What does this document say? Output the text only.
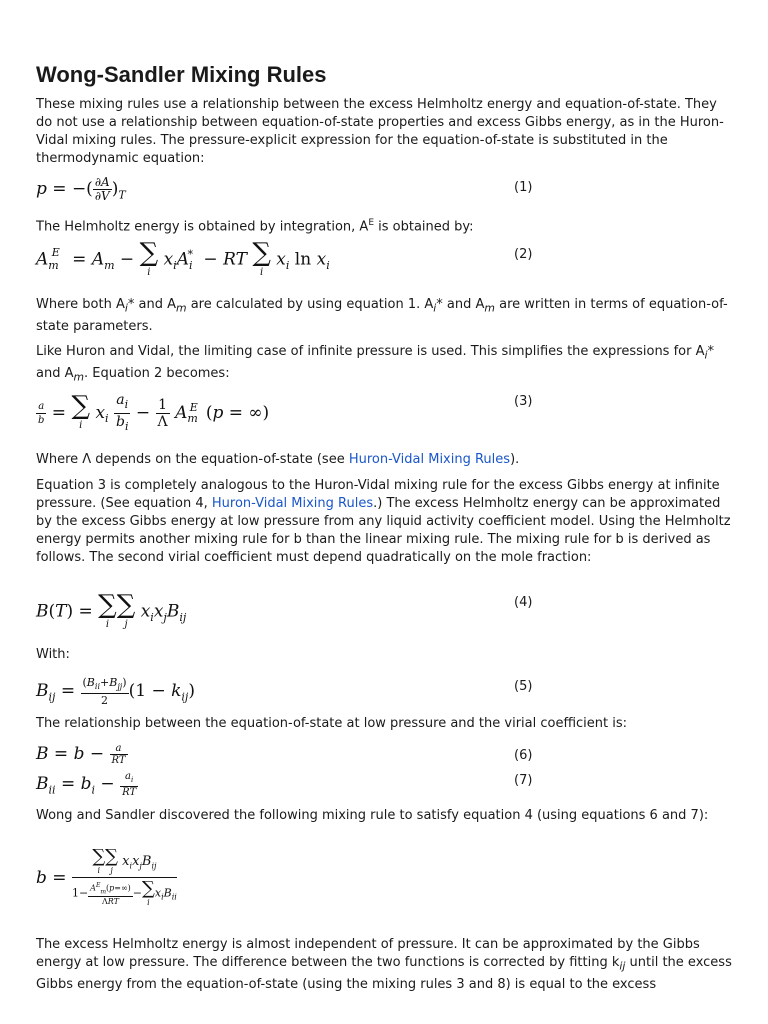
Wong-Sandler Mixing Rules

These mixing rules use a relationship between the excess Helmholtz energy and equation-of-state. They do not use a relationship between equation-of-state properties and excess Gibbs energy, as in the Huron-Vidal mixing rules. The pressure-explicit expression for the equation-of-state is substituted in the thermodynamic equation:

p = −( $\frac{\partial A}{\partial V} )_T$	(1)

The Helmholtz energy is obtained by integration, $A^E$ is obtained by:

$A_m^E = A_m$ − ∑
i
$x_iA_i^*$ − RT ∑
i
$x_i$ $\ln x_i$
(2)

Where both $A_i*$ and $A_m$ are calculated by using equation 1. $A_i*$ and $A_m$ are written in terms of equation-of-state parameters.

Like Huron and Vidal, the limiting case of infinite pressure is used. This simplifies the expressions for $A_i*$ and $A_m$. Equation 2 becomes:

$\frac{a}{b}$ = ∑
i
$x_i \frac{a_i}{b_i} - \frac{1}{\Lambda} A_m^E$ (p = ∞)
(3)

Where Λ depends on the equation-of-state (see Huron-Vidal Mixing Rules).

Equation 3 is completely analogous to the Huron-Vidal mixing rule for the excess Gibbs energy at infinite pressure. (See equation 4, Huron-Vidal Mixing Rules.) The excess Helmholtz energy can be approximated by the excess Gibbs energy at low pressure from any liquid activity coefficient model. Using the Helmholtz energy permits another mixing rule for b than the linear mixing rule. The mixing rule for b is derived as follows. The second virial coefficient must depend quadratically on the mole fraction:

B(T) = ∑
i
∑
j
$x_ix_jB_{ij}$
(4)

With:

$B_{ij} = \frac{(B_{ii}+B_{jj})}{2} (1 - k_{ij})$	(5)

The relationship between the equation-of-state at low pressure and the virial coefficient is:

$B = b - \frac{a}{RT}$	(6)
$B_{ii} = b_i - \frac{a_i}{RT}$	(7)

Wong and Sandler discovered the following mixing rule to satisfy equation 4 (using equations 6 and 7):

b =
∑
i
∑
j
$x_ix_jB_{ij}$
$1- \frac{A^E_m(p=\infty)}{\text{ΛRT}}$ − ∑
i
$x_iB_{ii}$

The excess Helmholtz energy is almost independent of pressure. It can be approximated by the Gibbs energy at low pressure. The difference between the two functions is corrected by fitting $k_{ij}$ until the excess Gibbs energy from the equation-of-state (using the mixing rules 3 and 8) is equal to the excess
